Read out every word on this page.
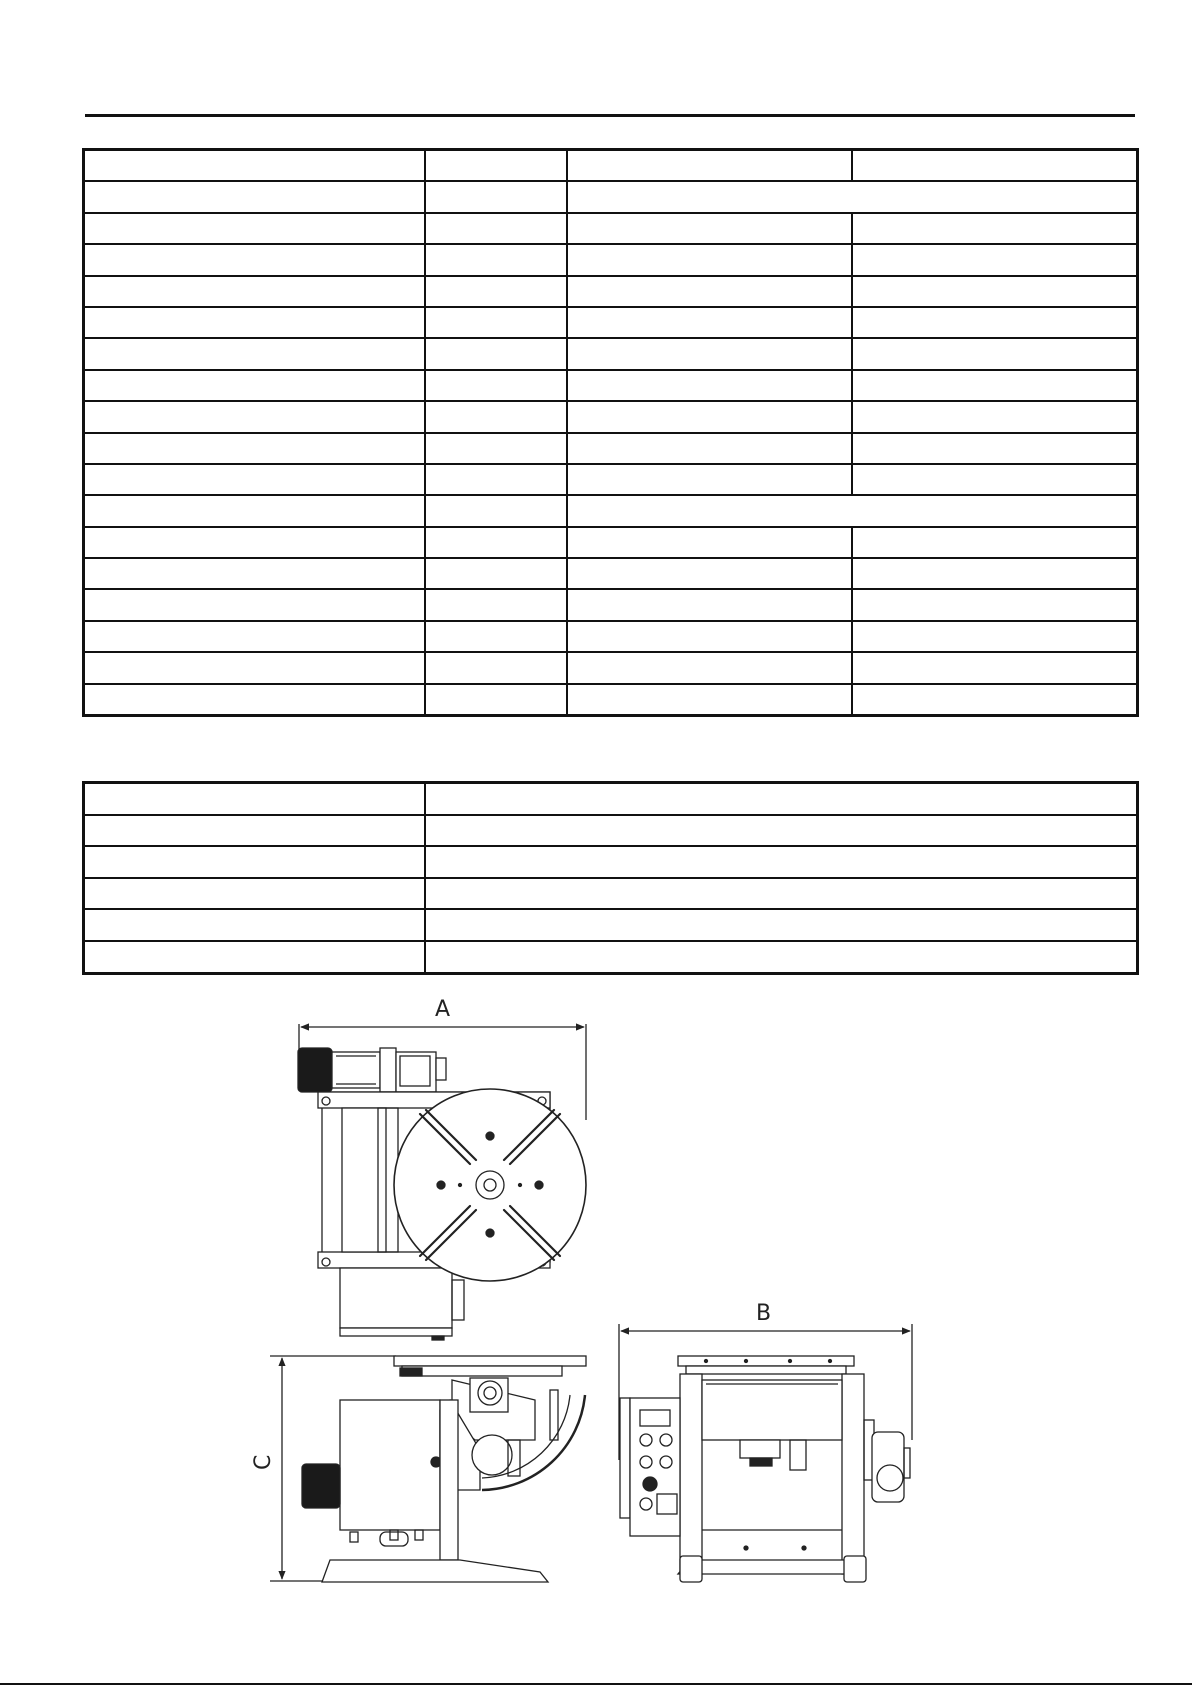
A
C
B
